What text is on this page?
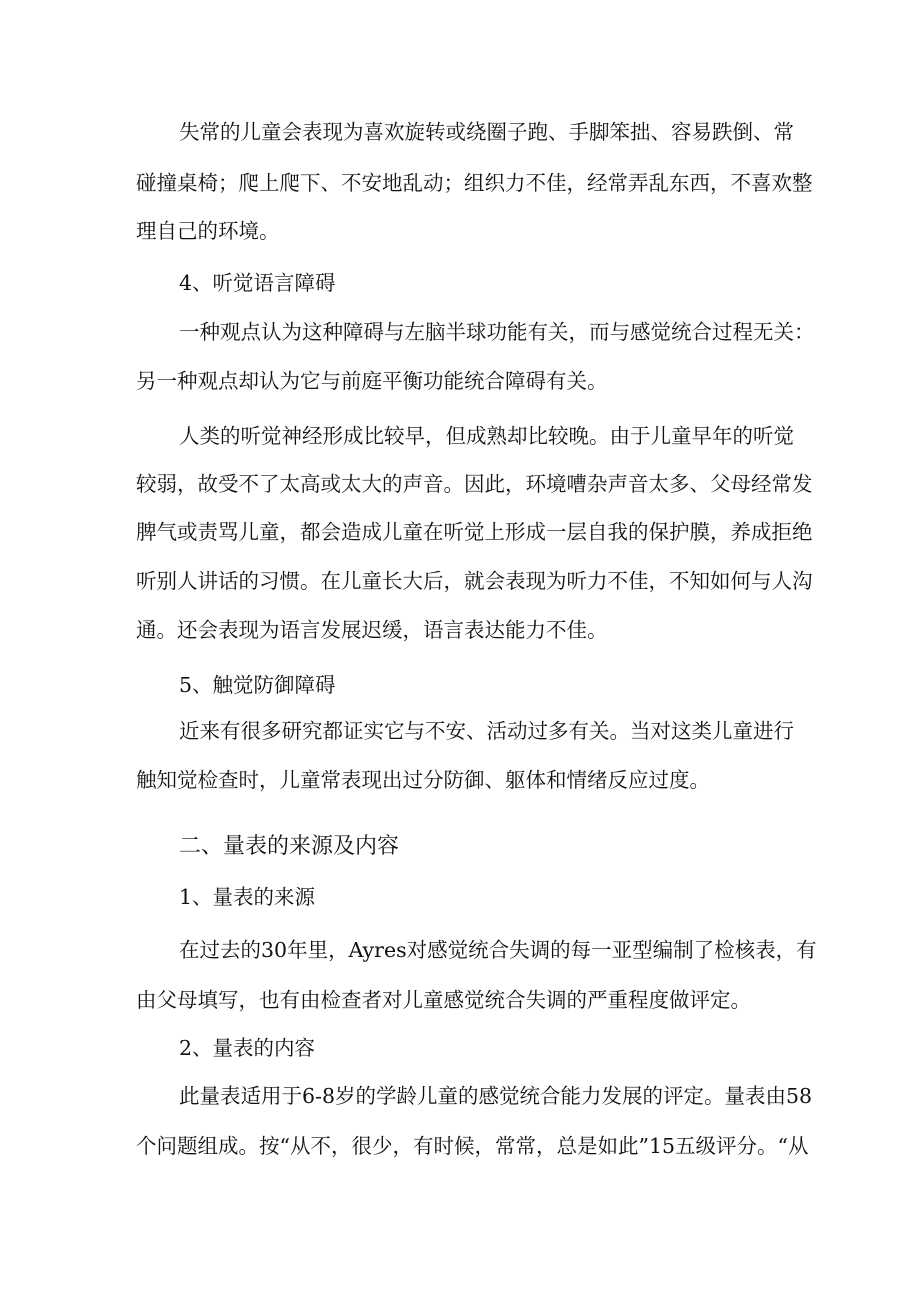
失常的儿童会表现为喜欢旋转或绕圈子跑、手脚笨拙、容易跌倒、常
碰撞桌椅；爬上爬下、不安地乱动；组织力不佳，经常弄乱东西，不喜欢整
理自己的环境。
4、听觉语言障碍
一种观点认为这种障碍与左脑半球功能有关，而与感觉统合过程无关：
另一种观点却认为它与前庭平衡功能统合障碍有关。
人类的听觉神经形成比较早，但成熟却比较晚。由于儿童早年的听觉
较弱，故受不了太高或太大的声音。因此，环境嘈杂声音太多、父母经常发
脾气或责骂儿童，都会造成儿童在听觉上形成一层自我的保护膜，养成拒绝
听别人讲话的习惯。在儿童长大后，就会表现为听力不佳，不知如何与人沟
通。还会表现为语言发展迟缓，语言表达能力不佳。
5、触觉防御障碍
近来有很多研究都证实它与不安、活动过多有关。当对这类儿童进行
触知觉检查时，儿童常表现出过分防御、躯体和情绪反应过度。
二、量表的来源及内容
1、量表的来源
在过去的30年里，Ayres对感觉统合失调的每一亚型编制了检核表，有
由父母填写，也有由检查者对儿童感觉统合失调的严重程度做评定。
2、量表的内容
此量表适用于6-8岁的学龄儿童的感觉统合能力发展的评定。量表由58
个问题组成。按“从不，很少，有时候，常常，总是如此”15五级评分。“从
